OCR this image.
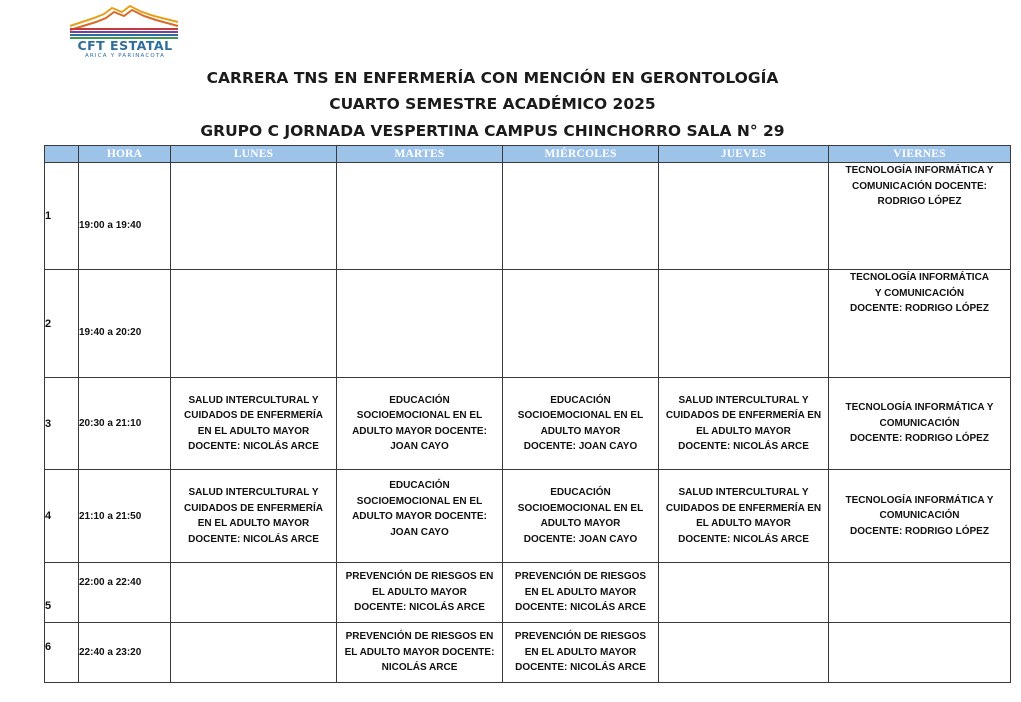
CFT ESTATAL
ARICA Y PARINACOTA
CARRERA TNS EN ENFERMERÍA CON MENCIÓN EN GERONTOLOGÍA
CUARTO SEMESTRE ACADÉMICO 2025
GRUPO C JORNADA VESPERTINA CAMPUS CHINCHORRO SALA N° 29
	HORA	LUNES	MARTES	MIÉRCOLES	JUEVES	VIERNES
1	19:00 a 19:40					TECNOLOGÍA INFORMÁTICA Y
COMUNICACIÓN DOCENTE:
RODRIGO LÓPEZ
2	19:40 a 20:20					TECNOLOGÍA INFORMÁTICA
Y COMUNICACIÓN
DOCENTE: RODRIGO LÓPEZ
3	20:30 a 21:10	SALUD INTERCULTURAL Y
CUIDADOS DE ENFERMERÍA
EN EL ADULTO MAYOR
DOCENTE: NICOLÁS ARCE	EDUCACIÓN
SOCIOEMOCIONAL EN EL
ADULTO MAYOR DOCENTE:
JOAN CAYO	EDUCACIÓN
SOCIOEMOCIONAL EN EL
ADULTO MAYOR
DOCENTE: JOAN CAYO	SALUD INTERCULTURAL Y
CUIDADOS DE ENFERMERÍA EN
EL ADULTO MAYOR
DOCENTE: NICOLÁS ARCE	TECNOLOGÍA INFORMÁTICA Y
COMUNICACIÓN
DOCENTE: RODRIGO LÓPEZ
4	21:10 a 21:50	SALUD INTERCULTURAL Y
CUIDADOS DE ENFERMERÍA
EN EL ADULTO MAYOR
DOCENTE: NICOLÁS ARCE	EDUCACIÓN
SOCIOEMOCIONAL EN EL
ADULTO MAYOR DOCENTE:
JOAN CAYO	EDUCACIÓN
SOCIOEMOCIONAL EN EL
ADULTO MAYOR
DOCENTE: JOAN CAYO	SALUD INTERCULTURAL Y
CUIDADOS DE ENFERMERÍA EN
EL ADULTO MAYOR
DOCENTE: NICOLÁS ARCE	TECNOLOGÍA INFORMÁTICA Y
COMUNICACIÓN
DOCENTE: RODRIGO LÓPEZ
5	22:00 a 22:40		PREVENCIÓN DE RIESGOS EN
EL ADULTO MAYOR
DOCENTE: NICOLÁS ARCE	PREVENCIÓN DE RIESGOS
EN EL ADULTO MAYOR
DOCENTE: NICOLÁS ARCE		
6	22:40 a 23:20		PREVENCIÓN DE RIESGOS EN
EL ADULTO MAYOR DOCENTE:
NICOLÁS ARCE	PREVENCIÓN DE RIESGOS
EN EL ADULTO MAYOR
DOCENTE: NICOLÁS ARCE		
